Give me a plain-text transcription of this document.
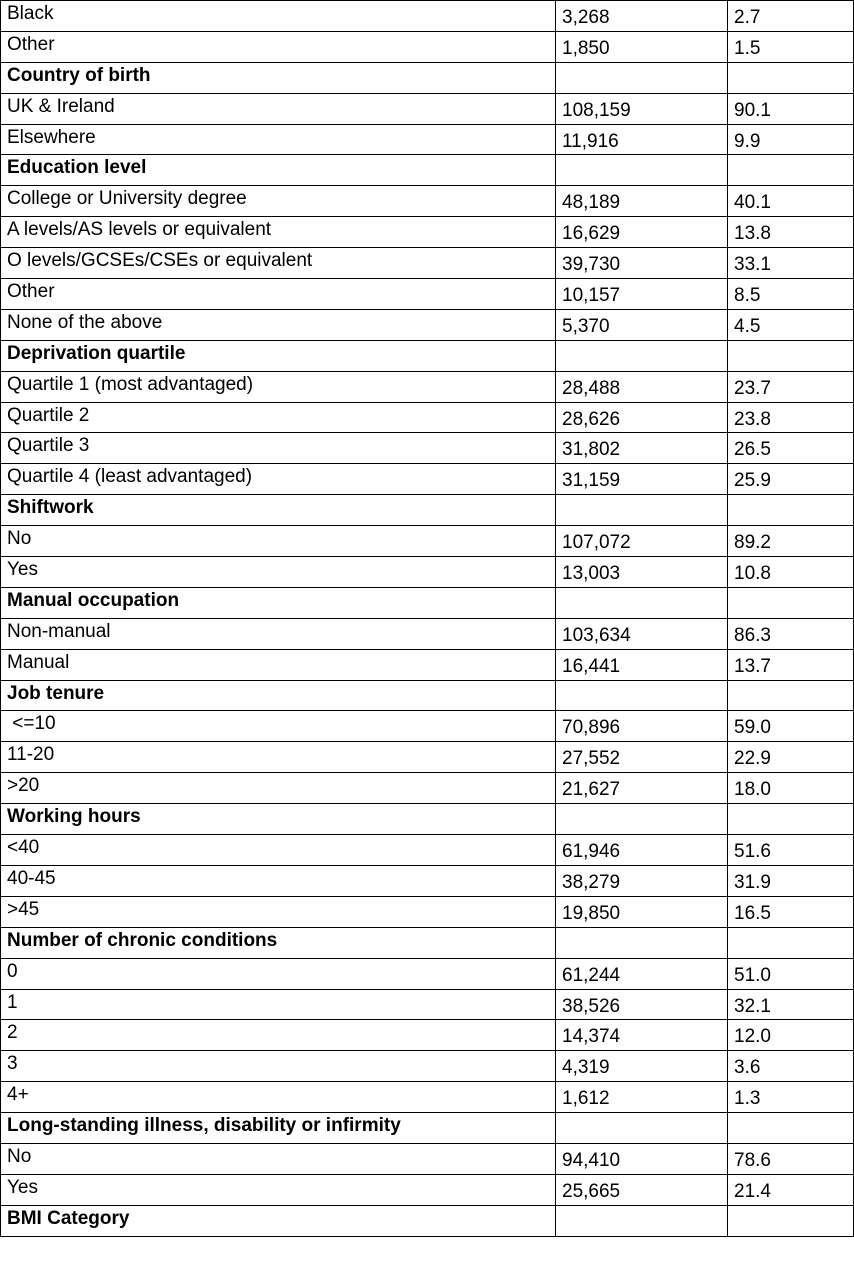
Black	3,268	2.7
Other	1,850	1.5
Country of birth		
UK & Ireland	108,159	90.1
Elsewhere	11,916	9.9
Education level		
College or University degree	48,189	40.1
A levels/AS levels or equivalent	16,629	13.8
O levels/GCSEs/CSEs or equivalent	39,730	33.1
Other	10,157	8.5
None of the above	5,370	4.5
Deprivation quartile		
Quartile 1 (most advantaged)	28,488	23.7
Quartile 2	28,626	23.8
Quartile 3	31,802	26.5
Quartile 4 (least advantaged)	31,159	25.9
Shiftwork		
No	107,072	89.2
Yes	13,003	10.8
Manual occupation		
Non-manual	103,634	86.3
Manual	16,441	13.7
Job tenure		
<=10	70,896	59.0
11-20	27,552	22.9
>20	21,627	18.0
Working hours		
<40	61,946	51.6
40-45	38,279	31.9
>45	19,850	16.5
Number of chronic conditions		
0	61,244	51.0
1	38,526	32.1
2	14,374	12.0
3	4,319	3.6
4+	1,612	1.3
Long-standing illness, disability or infirmity		
No	94,410	78.6
Yes	25,665	21.4
BMI Category		
